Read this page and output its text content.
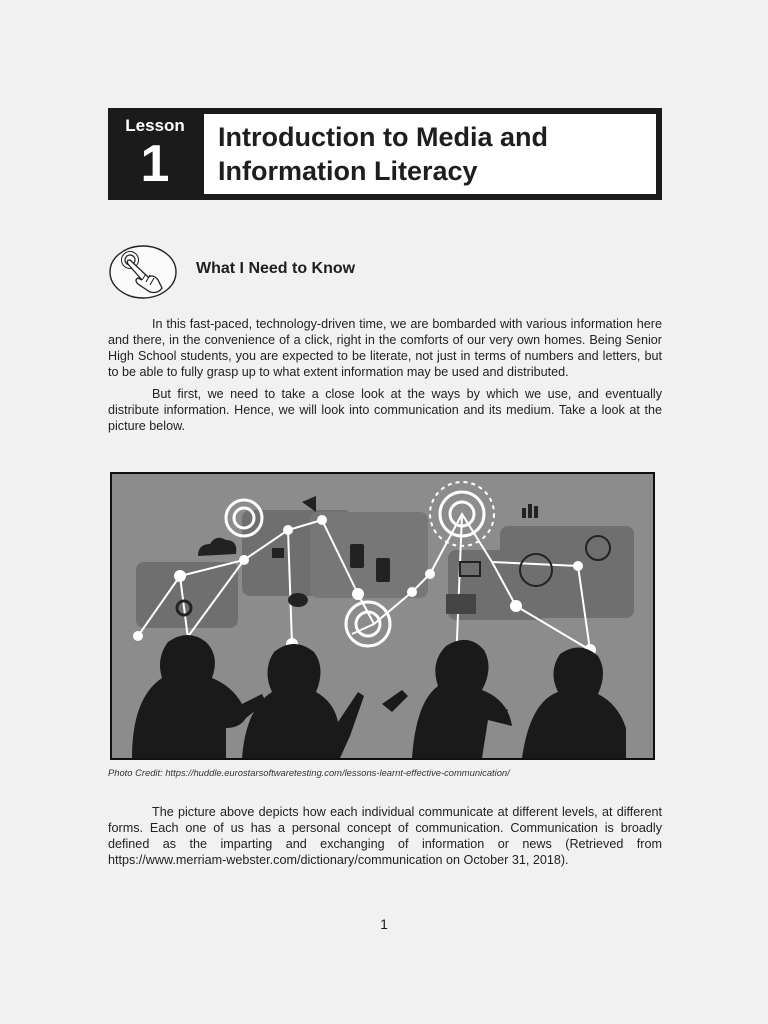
Lesson
1	Introduction to Media and

Information Literacy

What I Need to Know

In this fast-paced, technology-driven time, we are bombarded with various information here and there, in the convenience of a click, right in the comforts of our very own homes. Being Senior High School students, you are expected to be literate, not just in terms of numbers and letters, but to be able to fully grasp up to what extent information may be used and distributed.

But first, we need to take a close look at the ways by which we use, and eventually distribute information. Hence, we will look into communication and its medium. Take a look at the picture below.

Photo Credit: https://huddle.eurostarsoftwaretesting.com/lessons-learnt-effective-communication/

The picture above depicts how each individual communicate at different levels, at different forms. Each one of us has a personal concept of communication. Communication is broadly defined as the imparting and exchanging of information or news (Retrieved from https://www.merriam-webster.com/dictionary/communication on October 31, 2018).

1
